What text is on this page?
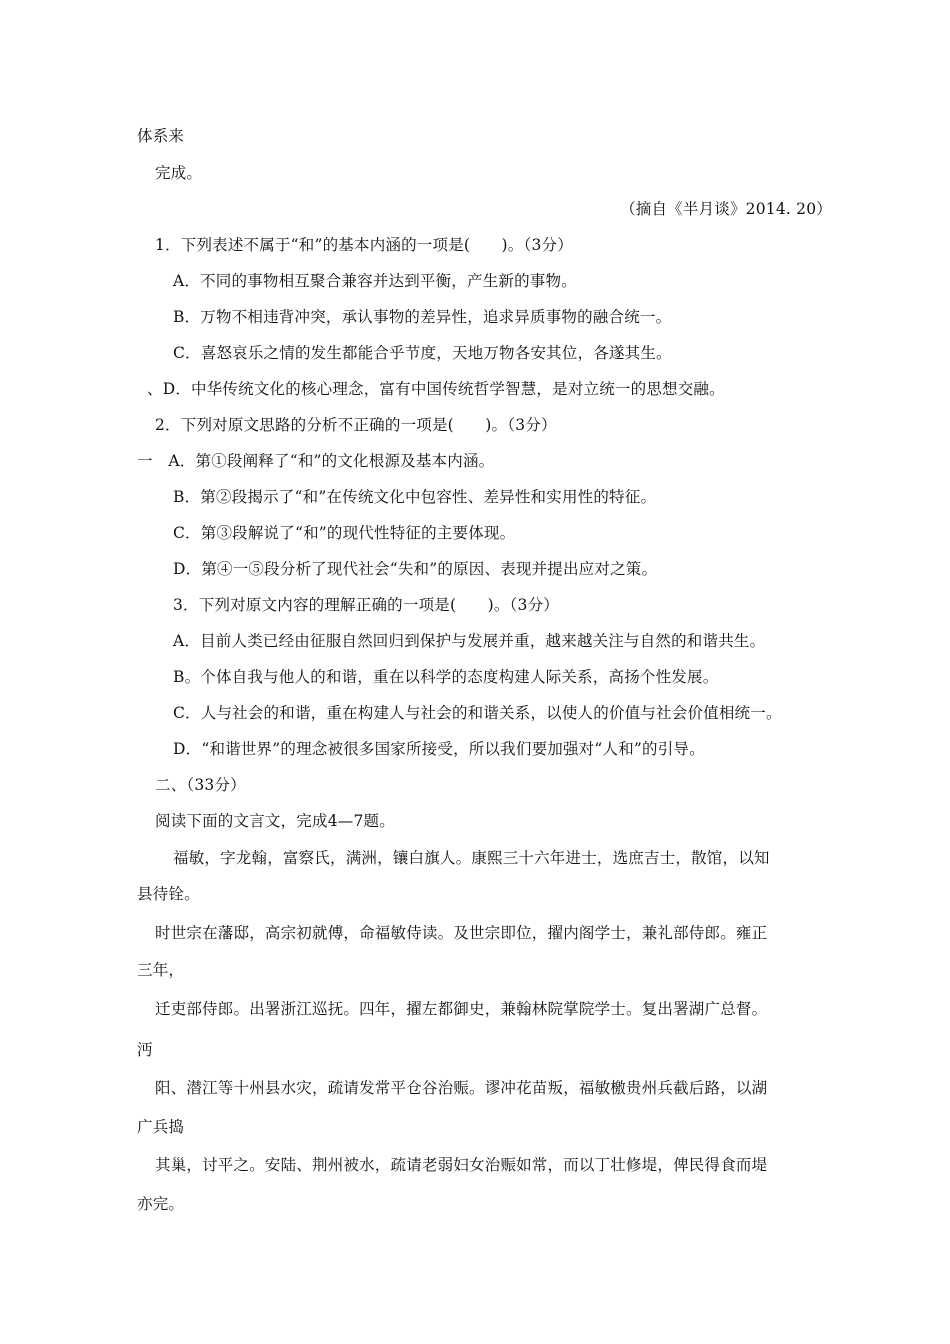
体系来
完成。
（摘自《半月谈》2014. 20）
1．下列表述不属于“和”的基本内涵的一项是(　　)。（3分）
A．不同的事物相互聚合兼容并达到平衡，产生新的事物。
B．万物不相违背冲突，承认事物的差异性，追求异质事物的融合统一。
C．喜怒哀乐之情的发生都能合乎节度，天地万物各安其位，各遂其生。
、D．中华传统文化的核心理念，富有中国传统哲学智慧，是对立统一的思想交融。
2．下列对原文思路的分析不正确的一项是(　　)。（3分）
一　A．第①段阐释了“和”的文化根源及基本内涵。
B．第②段揭示了“和”在传统文化中包容性、差异性和实用性的特征。
C．第③段解说了“和”的现代性特征的主要体现。
D．第④一⑤段分析了现代社会“失和”的原因、表现并提出应对之策。
3．下列对原文内容的理解正确的一项是(　　)。（3分）
A．目前人类已经由征服自然回归到保护与发展并重，越来越关注与自然的和谐共生。
B。个体自我与他人的和谐，重在以科学的态度构建人际关系，高扬个性发展。
C．人与社会的和谐，重在构建人与社会的和谐关系，以使人的价值与社会价值相统一。
D．“和谐世界”的理念被很多国家所接受，所以我们要加强对“人和”的引导。
二、（33分）
阅读下面的文言文，完成4—7题。
福敏，字龙翰，富察氏，满洲，镶白旗人。康熙三十六年进士，选庶吉士，散馆，以知
县待铨。
时世宗在藩邸，高宗初就傅，命福敏侍读。及世宗即位，擢内阁学士，兼礼部侍郎。雍正
三年，
迁吏部侍郎。出署浙江巡抚。四年，擢左都御史，兼翰林院掌院学士。复出署湖广总督。
沔
阳、潜江等十州县水灾，疏请发常平仓谷治赈。谬冲花苗叛，福敏檄贵州兵截后路，以湖
广兵捣
其巢，讨平之。安陆、荆州被水，疏请老弱妇女治赈如常，而以丁壮修堤，俾民得食而堤
亦完。
